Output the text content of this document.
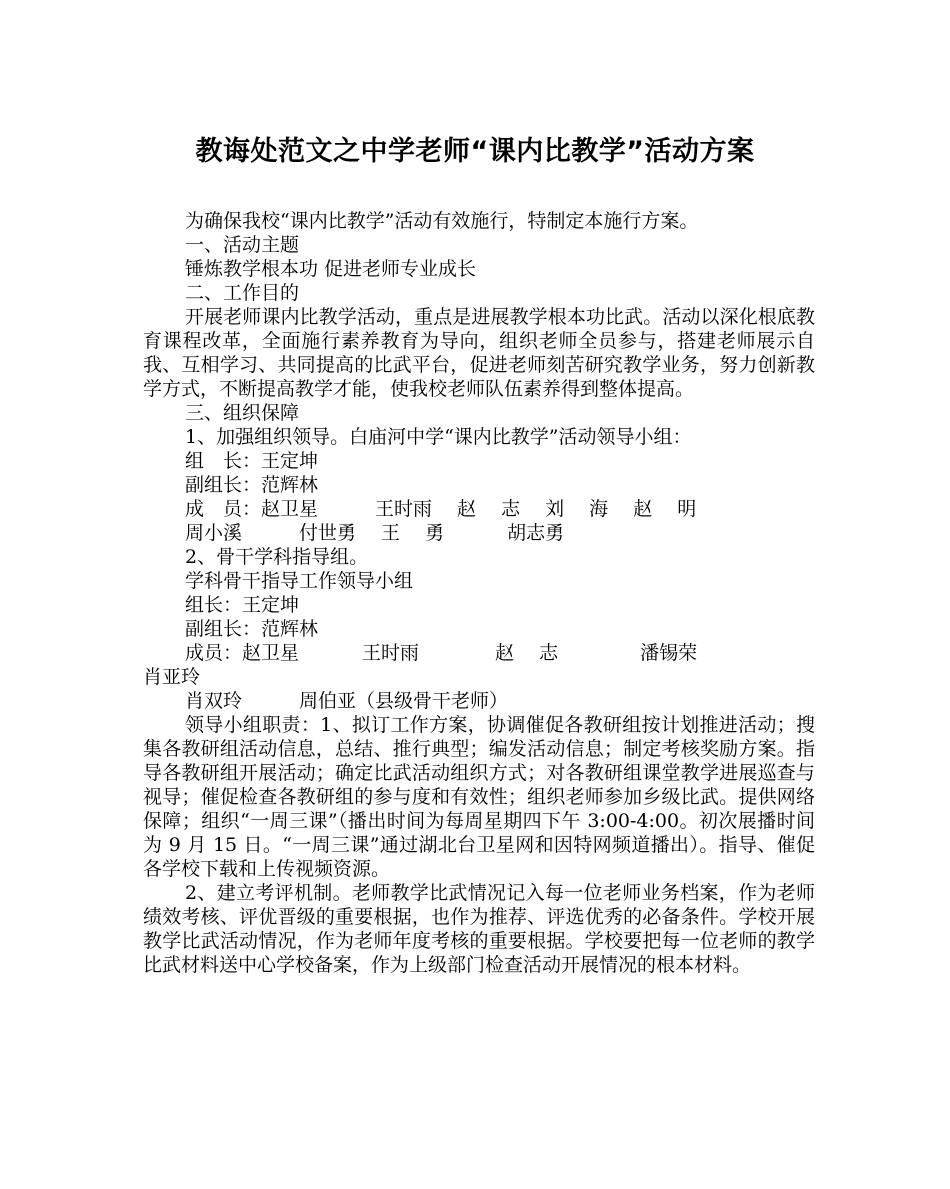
教诲处范文之中学老师“课内比教学”活动方案

为确保我校“课内比教学”活动有效施行，特制定本施行方案。

一、活动主题

锤炼教学根本功 促进老师专业成长

二、工作目的

开展老师课内比教学活动，重点是进展教学根本功比武。活动以深化根底教育课程改革，全面施行素养教育为导向，组织老师全员参与，搭建老师展示自我、互相学习、共同提高的比武平台，促进老师刻苦研究教学业务，努力创新教学方式，不断提高教学才能，使我校老师队伍素养得到整体提高。

三、组织保障

1、加强组织领导。白庙河中学“课内比教学”活动领导小组：

组　长：王定坤

副组长：范辉林

成　员：赵卫星　　　王时雨　 赵　 志　 刘　 海　 赵　 明

周小溪　　　付世勇　 王　 勇　　　 胡志勇

2、骨干学科指导组。

学科骨干指导工作领导小组

组长：王定坤

副组长：范辉林

成员：赵卫星　　　 王时雨　　　　赵　 志　　　　 潘锡荣

肖亚玲

肖双玲　　　周伯亚（县级骨干老师）

领导小组职责：1、拟订工作方案，协调催促各教研组按计划推进活动；搜集各教研组活动信息，总结、推行典型；编发活动信息；制定考核奖励方案。指导各教研组开展活动；确定比武活动组织方式；对各教研组课堂教学进展巡查与视导；催促检查各教研组的参与度和有效性；组织老师参加乡级比武。提供网络保障；组织“一周三课”（播出时间为每周星期四下午 3:00-4:00。初次展播时间为 9 月 15 日。“一周三课”通过湖北台卫星网和因特网频道播出）。指导、催促各学校下载和上传视频资源。

2、建立考评机制。老师教学比武情况记入每一位老师业务档案，作为老师绩效考核、评优晋级的重要根据，也作为推荐、评选优秀的必备条件。学校开展教学比武活动情况，作为老师年度考核的重要根据。学校要把每一位老师的教学比武材料送中心学校备案，作为上级部门检查活动开展情况的根本材料。
